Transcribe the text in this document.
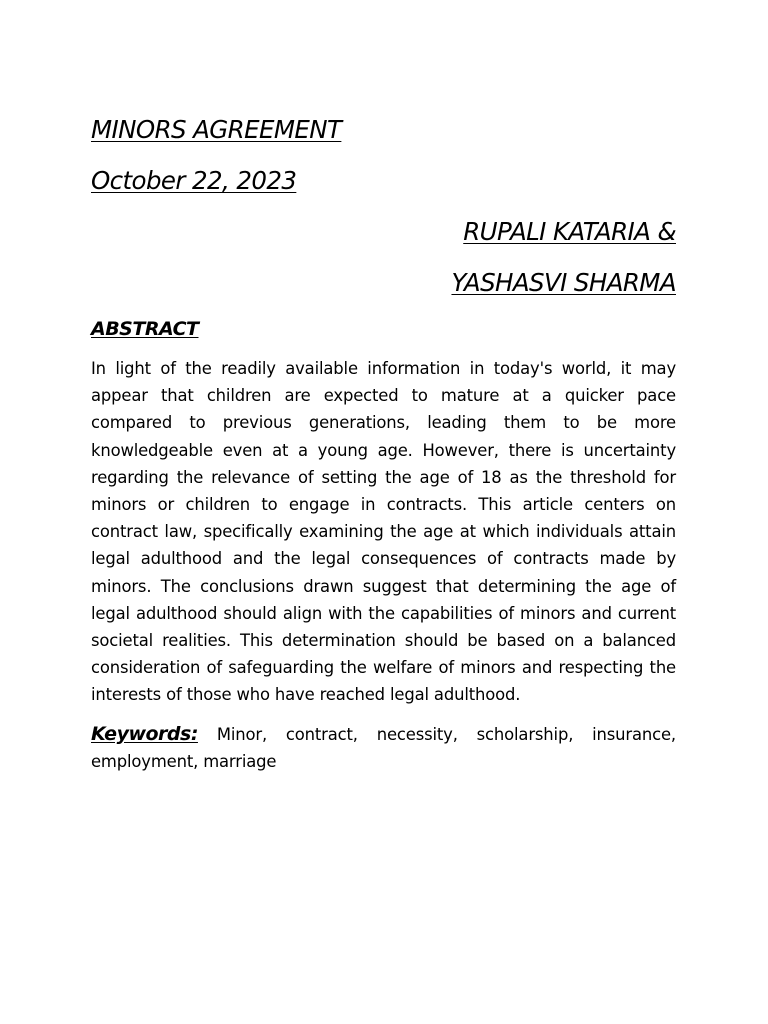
MINORS AGREEMENT
October 22, 2023
RUPALI KATARIA &
YASHASVI SHARMA
ABSTRACT

In light of the readily available information in today's world, it may appear that children are expected to mature at a quicker pace compared to previous generations, leading them to be more knowledgeable even at a young age. However, there is uncertainty regarding the relevance of setting the age of 18 as the threshold for minors or children to engage in contracts. This article centers on contract law, specifically examining the age at which individuals attain legal adulthood and the legal consequences of contracts made by minors. The conclusions drawn suggest that determining the age of legal adulthood should align with the capabilities of minors and current societal realities. This determination should be based on a balanced consideration of safeguarding the welfare of minors and respecting the interests of those who have reached legal adulthood.

Keywords: Minor, contract, necessity, scholarship, insurance, employment, marriage
